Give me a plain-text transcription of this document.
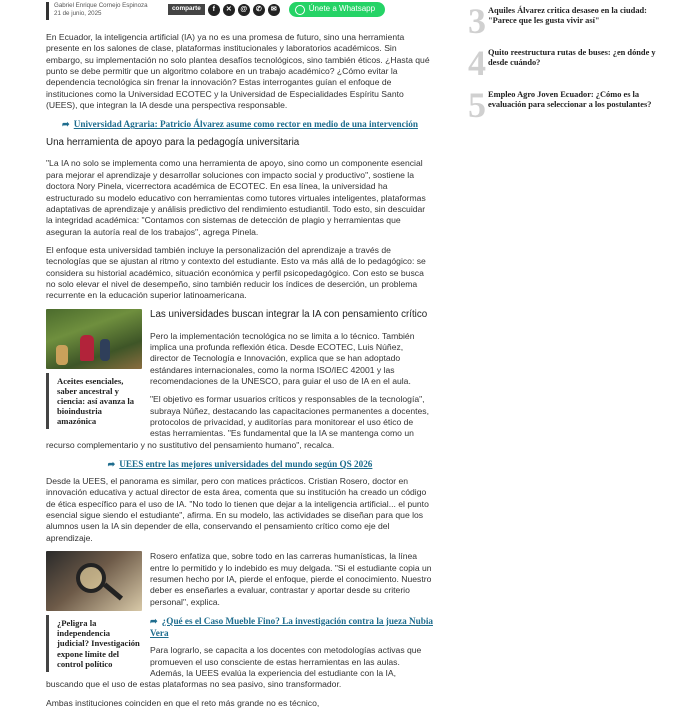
Gabriel Enrique Cornejo Espinoza
21 de junio, 2025
comparte	f	✕	@	✆	✉	Únete a Whatsapp

En Ecuador, la inteligencia artificial (IA) ya no es una promesa de futuro, sino una herramienta presente en los salones de clase, plataformas institucionales y laboratorios académicos. Sin embargo, su implementación no solo plantea desafíos tecnológicos, sino también éticos. ¿Hasta qué punto se debe permitir que un algoritmo colabore en un trabajo académico? ¿Cómo evitar la dependencia tecnológica sin frenar la innovación? Estas interrogantes guían el enfoque de instituciones como la Universidad ECOTEC y la Universidad de Especialidades Espíritu Santo (UEES), que integran la IA desde una perspectiva responsable.

➦ Universidad Agraria: Patricio Álvarez asume como rector en medio de una intervención
Una herramienta de apoyo para la pedagogía universitaria

"La IA no solo se implementa como una herramienta de apoyo, sino como un componente esencial para mejorar el aprendizaje y desarrollar soluciones con impacto social y productivo", sostiene la doctora Nory Pinela, vicerrectora académica de ECOTEC. En esa línea, la universidad ha estructurado su modelo educativo con herramientas como tutores virtuales inteligentes, plataformas adaptativas de aprendizaje y análisis predictivo del rendimiento estudiantil. Todo esto, sin descuidar la integridad académica: "Contamos con sistemas de detección de plagio y herramientas que aseguran la autoría real de los trabajos", agrega Pinela.

El enfoque esta universidad también incluye la personalización del aprendizaje a través de tecnologías que se ajustan al ritmo y contexto del estudiante. Esto va más allá de lo pedagógico: se considera su historial académico, situación económica y perfil psicopedagógico. Con esto se busca no solo elevar el nivel de desempeño, sino también reducir los índices de deserción, un problema recurrente en la educación superior latinoamericana.

Aceites esenciales, saber ancestral y ciencia: así avanza la bioindustria amazónica
Las universidades buscan integrar la IA con pensamiento crítico

Pero la implementación tecnológica no se limita a lo técnico. También implica una profunda reflexión ética. Desde ECOTEC, Luis Núñez, director de Tecnología e Innovación, explica que se han adoptado estándares internacionales, como la norma ISO/IEC 42001 y las recomendaciones de la UNESCO, para guiar el uso de IA en el aula.

"El objetivo es formar usuarios críticos y responsables de la tecnología", subraya Núñez, destacando las capacitaciones permanentes a docentes, protocolos de privacidad, y auditorías para monitorear el uso ético de estas herramientas. "Es fundamental que la IA se mantenga como un recurso complementario y no sustitutivo del pensamiento humano", recalca.

➦ UEES entre las mejores universidades del mundo según QS 2026

Desde la UEES, el panorama es similar, pero con matices prácticos. Cristian Rosero, doctor en innovación educativa y actual director de esta área, comenta que su institución ha creado un código de ética específico para el uso de IA. "No todo lo tienen que dejar a la inteligencia artificial... el punto esencial sigue siendo el estudiante", afirma. En su modelo, las actividades se diseñan para que los alumnos usen la IA sin depender de ella, conservando el pensamiento crítico como eje del aprendizaje.

¿Peligra la independencia judicial? Investigación expone límite del control político

Rosero enfatiza que, sobre todo en las carreras humanísticas, la línea entre lo permitido y lo indebido es muy delgada. "Si el estudiante copia un resumen hecho por IA, pierde el enfoque, pierde el conocimiento. Nuestro deber es enseñarles a evaluar, contrastar y aportar desde su criterio personal", explica.

➦ ¿Qué es el Caso Mueble Fino? La investigación contra la jueza Nubia Vera

Para lograrlo, se capacita a los docentes con metodologías activas que promueven el uso consciente de estas herramientas en las aulas. Además, la UEES evalúa la experiencia del estudiante con la IA, buscando que el uso de estas plataformas no sea pasivo, sino transformador.

Ambas instituciones coinciden en que el reto más grande no es técnico,

3 Aquiles Álvarez critica desaseo en la ciudad: "Parece que les gusta vivir así"
4 Quito reestructura rutas de buses: ¿en dónde y desde cuándo?
5 Empleo Agro Joven Ecuador: ¿Cómo es la evaluación para seleccionar a los postulantes?
